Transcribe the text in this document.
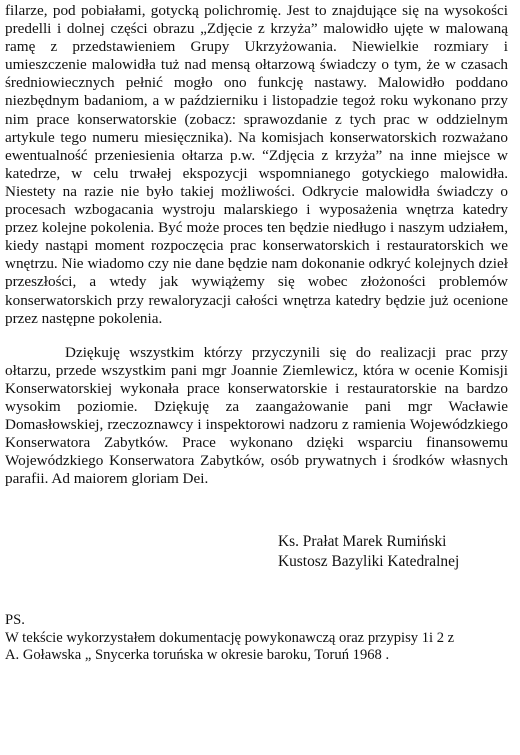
filarze, pod pobiałami, gotycką polichromię. Jest to znajdujące się na wysokości predelli i dolnej części obrazu „Zdjęcie z krzyża” malowidło ujęte w malowaną ramę z przedstawieniem Grupy Ukrzyżowania. Niewielkie rozmiary i umieszczenie malowidła tuż nad mensą ołtarzową świadczy o tym, że w czasach średniowiecznych pełnić mogło ono funkcję nastawy. Malowidło poddano niezbędnym badaniom, a w październiku i listopadzie tegoż roku wykonano przy nim prace konserwatorskie (zobacz: sprawozdanie z tych prac w oddzielnym artykule tego numeru miesięcznika). Na komisjach konserwatorskich rozważano ewentualność przeniesienia ołtarza p.w. “Zdjęcia z krzyża” na inne miejsce w katedrze, w celu trwałej ekspozycji wspomnianego gotyckiego malowidła. Niestety na razie nie było takiej możliwości. Odkrycie malowidła świadczy o procesach wzbogacania wystroju malarskiego i wyposażenia wnętrza katedry przez kolejne pokolenia. Być może proces ten będzie niedługo i naszym udziałem, kiedy nastąpi moment rozpoczęcia prac konserwatorskich i restauratorskich we wnętrzu. Nie wiadomo czy nie dane będzie nam dokonanie odkryć kolejnych dzieł przeszłości, a wtedy jak wywiążemy się wobec złożoności problemów konserwatorskich przy rewaloryzacji całości wnętrza katedry będzie już ocenione przez następne pokolenia.

Dziękuję wszystkim którzy przyczynili się do realizacji prac przy ołtarzu, przede wszystkim pani mgr Joannie Ziemlewicz, która w ocenie Komisji Konserwatorskiej wykonała prace konserwatorskie i restauratorskie na bardzo wysokim poziomie. Dziękuję za zaangażowanie pani mgr Wacławie Domasłowskiej, rzeczoznawcy i inspektorowi nadzoru z ramienia Wojewódzkiego Konserwatora Zabytków. Prace wykonano dzięki wsparciu finansowemu Wojewódzkiego Konserwatora Zabytków, osób prywatnych i środków własnych parafii. Ad maiorem gloriam Dei.

Ks. Prałat Marek Rumiński
Kustosz Bazyliki Katedralnej
PS.
W tekście wykorzystałem dokumentację powykonawczą oraz przypisy 1i 2 z
A. Goławska „ Snycerka toruńska w okresie baroku, Toruń 1968 .
